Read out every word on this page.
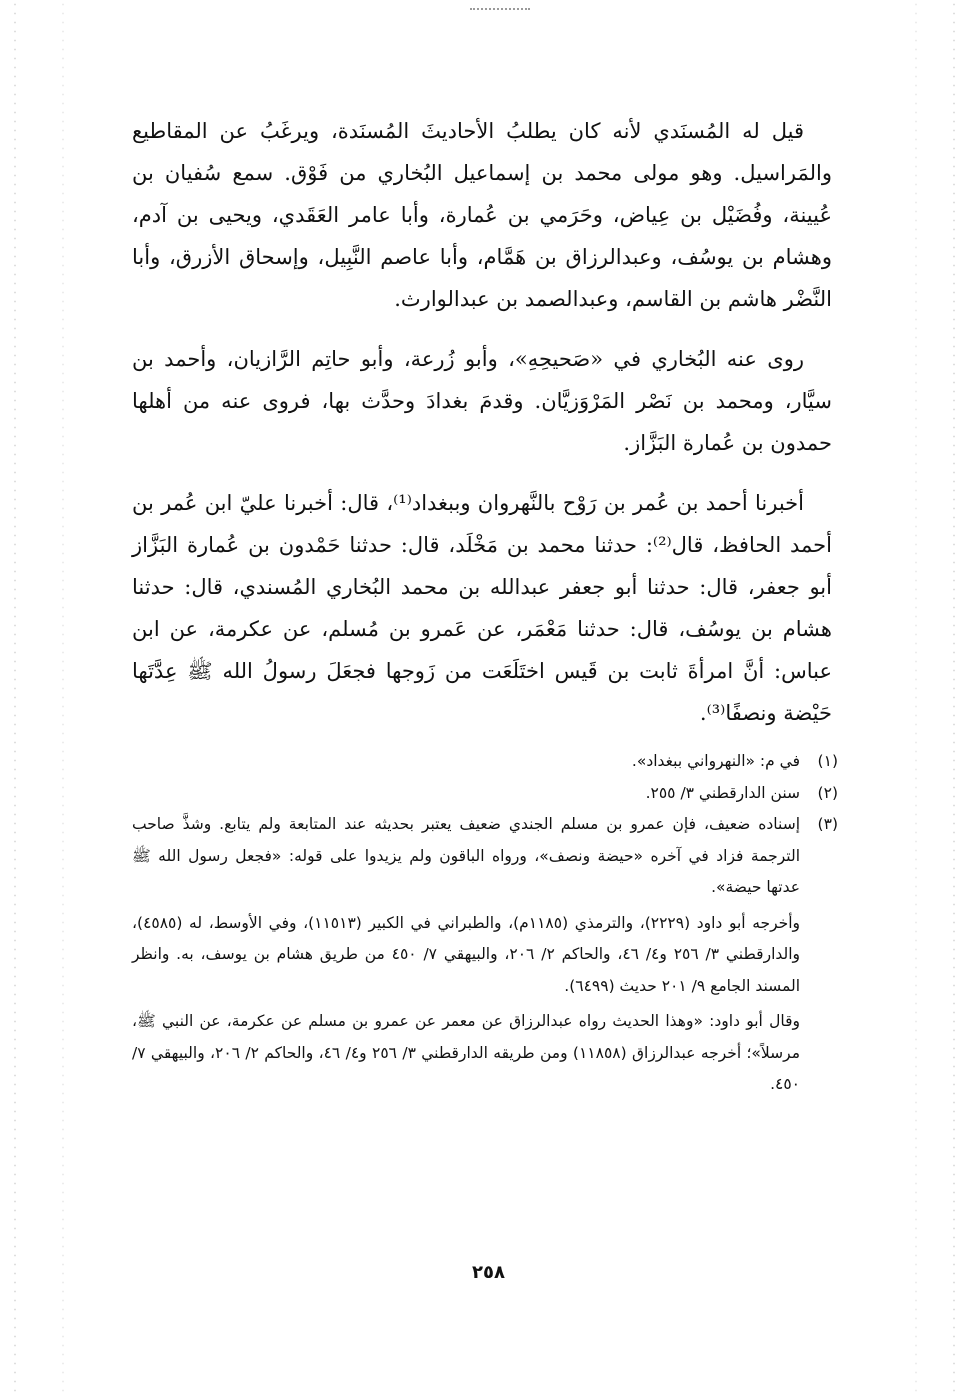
قيل له المُسنَدي لأنه كان يطلبُ الأحاديثَ المُسنَدة، ويرغَبُ عن المقاطيع والمَراسيل. وهو مولى محمد بن إسماعيل البُخاري من فَوْق. سمع سُفيان بن عُيينة، وفُضَيْل بن عِياض، وحَرَمي بن عُمارة، وأبا عامر العَقَدي، ويحيى بن آدم، وهشام بن يوسُف، وعبدالرزاق بن هَمَّام، وأبا عاصم النَّبِيل، وإسحاق الأزرق، وأبا النَّضْر هاشم بن القاسم، وعبدالصمد بن عبدالوارث.

روى عنه البُخاري في «صَحيحِهِ»، وأبو زُرعة، وأبو حاتِم الرَّازيان، وأحمد بن سيَّار، ومحمد بن نَصْر المَرْوَزيَّان. وقدمَ بغدادَ وحدَّث بها، فروى عنه من أهلها حمدون بن عُمارة البَزَّاز.

أخبرنا أحمد بن عُمر بن رَوْح بالنَّهروان وببغداد⁽¹⁾، قال: أخبرنا عليّ ابن عُمر بن أحمد الحافظ، قال⁽²⁾: حدثنا محمد بن مَخْلَد، قال: حدثنا حَمْدون بن عُمارة البَزَّاز أبو جعفر، قال: حدثنا أبو جعفر عبدالله بن محمد البُخاري المُسندي، قال: حدثنا هشام بن يوسُف، قال: حدثنا مَعْمَر، عن عَمرو بن مُسلم، عن عكرمة، عن ابن عباس: أنَّ امرأةَ ثابت بن قَيس اختَلَعَت من زَوجها فجعَلَ رسولُ الله ﷺ عِدَّتَها حَيْضة ونصفًا⁽³⁾.

(١)
في م: «النهرواني ببغداد».
(٢)
سنن الدارقطني ٣/ ٢٥٥.
(٣)
إسناده ضعيف، فإن عمرو بن مسلم الجندي ضعيف يعتبر بحديثه عند المتابعة ولم يتابع. وشذَّ صاحب الترجمة فزاد في آخره «حيضة ونصف»، ورواه الباقون ولم يزيدوا على قوله: «فجعل رسول الله ﷺ عدتها حيضة».
وأخرجه أبو داود (٢٢٢٩)، والترمذي (١١٨٥م)، والطبراني في الكبير (١١٥١٣)، وفي الأوسط، له (٤٥٨٥)، والدارقطني ٣/ ٢٥٦ و٤/ ٤٦، والحاكم ٢/ ٢٠٦، والبيهقي ٧/ ٤٥٠ من طريق هشام بن يوسف، به. وانظر المسند الجامع ٩/ ٢٠١ حديث (٦٤٩٩).
وقال أبو داود: «وهذا الحديث رواه عبدالرزاق عن معمر عن عمرو بن مسلم عن عكرمة، عن النبي ﷺ، مرسلاً»؛ أخرجه عبدالرزاق (١١٨٥٨) ومن طريقه الدارقطني ٣/ ٢٥٦ و٤/ ٤٦، والحاكم ٢/ ٢٠٦، والبيهقي ٧/ ٤٥٠.
٢٥٨
